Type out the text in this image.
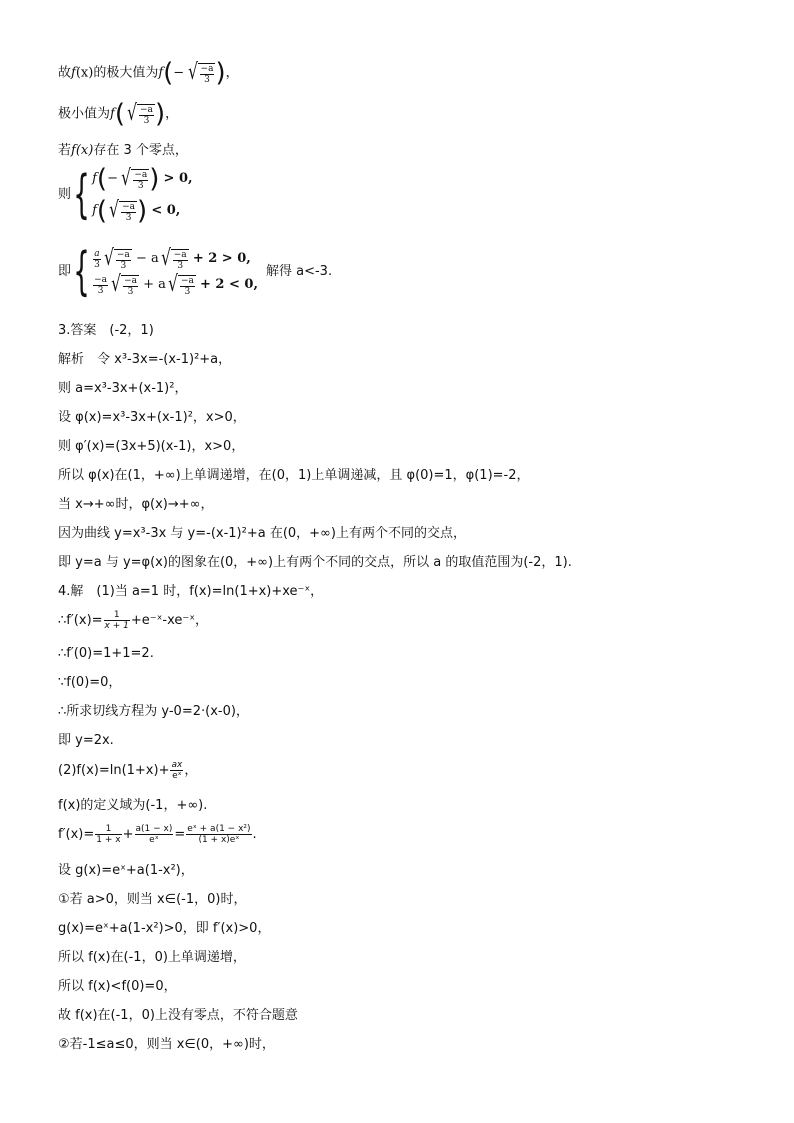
故f(x)的极大值为f(−  √ $\frac{-a}{3}$ )，
极小值为f( √ $\frac{-a}{3}$ )，
若f(x)存在 3 个零点，
则 { f ( −
  √ $\frac{-a}{3}$ )
> 0,
f ( √ $\frac{-a}{3}$ )
< 0,
即 { $\frac{a}{3}$ √ $\frac{-a}{3}$
− a √ $\frac{-a}{3}$
+ 2 > 0,
$\frac{-a}{3}$ √ $\frac{-a}{3}$
+ a √ $\frac{-a}{3}$
+ 2 < 0,
解得 a<-3.
3.答案　(-2，1)
解析　令 x³-3x=-(x-1)²+a，
则 a=x³-3x+(x-1)²，
设 φ(x)=x³-3x+(x-1)²，x>0，
则 φ′(x)=(3x+5)(x-1)，x>0，
所以 φ(x)在(1，+∞)上单调递增，在(0，1)上单调递减，且 φ(0)=1，φ(1)=-2，
当 x→+∞时，φ(x)→+∞，
因为曲线 y=x³-3x 与 y=-(x-1)²+a 在(0，+∞)上有两个不同的交点，
即 y=a 与 y=φ(x)的图象在(0，+∞)上有两个不同的交点，所以 a 的取值范围为(-2，1).
4.解　(1)当 a=1 时，f(x)=ln(1+x)+xe⁻ˣ，
∴f′(x)= $\frac{1}{x + 1}$ +e⁻ˣ-xe⁻ˣ，
∴f′(0)=1+1=2.
∵f(0)=0，
∴所求切线方程为 y-0=2·(x-0)，
即 y=2x.
$(2)f(x)=\ln(1+x)+ \frac{ax}{\text{eˣ}}$ ，
f(x)的定义域为(-1，+∞).
$f'(x)= \frac{1}{1 + x} + \frac{a(1 - x)}{\text{eˣ}} = \frac{\text{eˣ + a(1 − x²)}}{\text{(1 + x)eˣ}}$ .
设 g(x)=eˣ+a(1-x²)，
①若 a>0，则当 x∈(-1，0)时，
g(x)=eˣ+a(1-x²)>0，即 f′(x)>0，
所以 f(x)在(-1，0)上单调递增，
所以 f(x)<f(0)=0，
故 f(x)在(-1，0)上没有零点，不符合题意
②若-1≤a≤0，则当 x∈(0，+∞)时，
